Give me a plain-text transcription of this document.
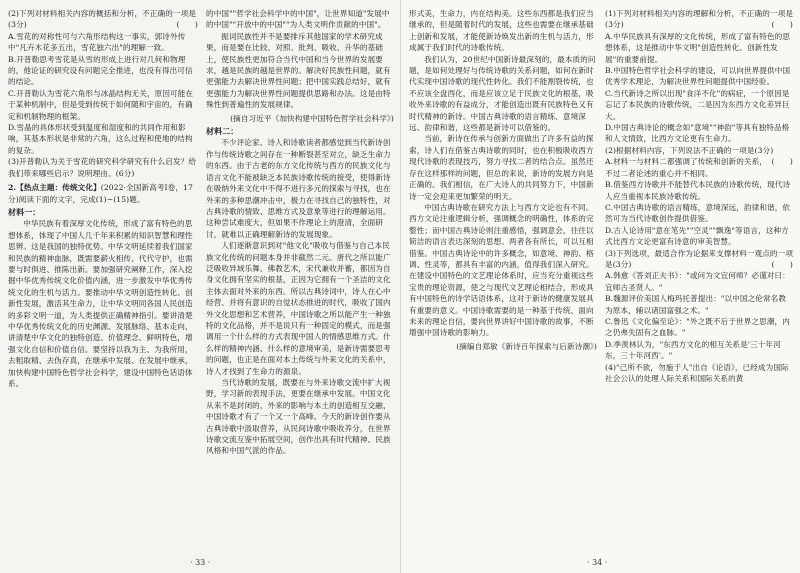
(2)下列对材料相关内容的概括和分析，不正确的一项是(3分)	(　　)

A.雪花的对称性可与六角形结构这一事实，郭诗外传中"凡卉木花多五出，雪花独六出"的理解一致。

B.开普勒思考雪花是从雪的形成上进行对几何和物理的，他论证的研究设有问题完全推进，也没有得出可信的结论。

C.开普勒认为雪花六角形与冰晶结构无关，原因可能在于某种机制中，但是受到传统于如何随和宇宙的，有确定和机制物理的框架。

D.雪晶的具体形状受到温度和湿度和的共同作用和影响，其基本形状是非常的六角，这么过程和使地的结构的复杂。

(3)开普勒认为关于雪花的研究科学研究有什么启发？给我们带来哪些启示？说明理由。(6分)

2.【热点主题：传统文化】(2022·全国新高考Ⅰ卷，17分)阅读下面的文字，完成(1)~(15)题。

材料一：

中华民族有着深厚文化传统，形成了富有特色的思想体系，体现了中国人几千年来积累的知识智慧和理性思辨。这是我国的独特优势。中华文明延续着我们国家和民族的精神血脉，既需要薪火相传、代代守护，也需要与时俱进、推陈出新。要加强研究阐释工作，深入挖掘中华优秀传统文化价值内涵，进一步激发中华优秀传统文化的生机与活力。要推动中华文明创造性转化、创新性发展，激活其生命力，让中华文明同各国人民创造的多彩文明一道，为人类提供正确精神指引。要讲清楚中华优秀传统文化的历史渊源、发展脉络、基本走向，讲清楚中华文化的独特创造、价值理念、鲜明特色，增强文化自信和价值自信。要坚持以我为主、为我所用，去粗取精、去伪存真，在继承中发展、在发展中继承，加快构建中国特色哲学社会科学，建设中国特色话语体系。

的中国""哲学社会科学中的中国"，让世界知道"发展中的中国""开放中的中国""为人类文明作贡献的中国"。

振词民族性并不是要排斥其他国家的学术研究成果，而是要在比较、对照、批判、吸收、升华的基础上，使民族性更加符合当代中国和当今世界的发展要求，越是民族的越是世界的。解决好民族性问题，就有更强能力去解决世界性问题；把中国实践总结好，就有更强能力为解决世界性问题提供思路和办法。这是由特殊性到普遍性的发展规律。

(摘自习近平《加快构建中国特色哲学社会科学》)

材料二：

不少评论家、诗人和诗歌读者都感觉到当代新诗创作与传统诗歌之间存在一种断裂甚至对立，缺乏生命力的东西。由于古老的东方文化传统与西方的民族文化与语言文化不能被缺乏本民族诗歌传统的接受，使得新诗在吸纳外来文化中不得不进行多元的探索与寻找，也在外来的多种思潮冲击中，极力在寻找自己的独特性，对古典诗歌的情致、思维方式及意象等进行的理解运用。这种尝试难度大，但如果不作理论上的澄清，全面研讨，就难以正确理解新诗的发展现象。

人们逐渐意识到对"他文化"吸收与借鉴与自己本民族文化传统的问题本身并非截然二元。唐代之所以能广泛吸收异域乐舞、佛教艺术，宋代兼收并蓄，都因为自身文化拥有坚实的根基，正因为它拥有一个圣洁的文化主体去面对外来的东西。所以古典诗词中，诗人在心中经营、并将有意识的自觉状态推进的时代，吸收了国内外文化思想和艺术营养，中国诗歌之所以能产生一种独特的文化品格，并不是说只有一种固定的模式，而是强调用一个什么样的方式表现中国人的情感思维方式。什么样的精神内涵、什么样的意境审美，是新诗需要思考的问题，也正是在面对本土传统与外来文化的关系中，诗人才找到了生命力的源泉。

当代诗歌的发展，既要在与外来诗歌交流中扩大视野，学习新的表现手法，更要在继承中发展。中国文化从来不是封闭的，外来的影响与本土的创造相互交融，中国诗歌才有了一个又一个高峰。今天的新诗创作要从古典诗歌中汲取营养，从民间诗歌中吸收养分，在世界诗歌交流互鉴中拓展空间，创作出具有时代精神、民族风格和中国气派的作品。

· 33 ·

形式美，生命力，内在结构美。这些东西都是我们应当继承的，但是随着时代的发展，这些也需要在继承基础上创新和发展，才能使新诗焕发出新的生机与活力，形成属于我们时代的诗歌传统。

我们认为，20世纪中国新诗最深刻的，最本质的问题，是如何处理好与传统诗歌的关系问题，如何在新时代实现中国诗歌的现代性转化。我们不能割裂传统，也不应该全盘西化，而是应该立足于民族文化的根基，吸收外来诗歌的有益成分，才能创造出既有民族特色又有时代精神的新诗。中国古典诗歌的语言精练、意境深远、韵律和谐，这些都是新诗可以借鉴的。

当前，新诗在传承与创新方面做出了许多有益的探索，诗人们在借鉴古典诗歌的同时，也在积极吸收西方现代诗歌的表现技巧，努力寻找二者的结合点。虽然还存在这样那样的问题，但总的来说，新诗的发展方向是正确的。我们相信，在广大诗人的共同努力下，中国新诗一定会迎来更加繁荣的明天。

中国古典诗歌在研究方法上与西方文论也有不同。西方文论注重逻辑分析，强调概念的明确性，体系的完整性；而中国古典诗论则注重感悟，强调意会，往往以简洁的语言表达深刻的思想。两者各有所长，可以互相借鉴。中国古典诗论中的许多概念，如意境、神韵、格调、性灵等，都具有丰富的内涵，值得我们深入研究。在建设中国特色的文艺理论体系时，应当充分重视这些宝贵的理论资源，使之与现代文艺理论相结合，形成具有中国特色的诗学话语体系，这对于新诗的健康发展具有重要的意义。中国诗歌需要的是一种基于传统、面向未来的理论自信，要向世界讲好中国诗歌的故事，不断增强中国诗歌的影响力。

(摘编自郑敏《新诗百年探索与后新诗潮》)

(1)下列对材料相关内容的理解和分析，不正确的一项是(3分)	(　　)

A.中华民族具有深厚的文化传统，形成了富有特色的思想体系，这是推动中华文明"创造性转化、创新性发展"的重要前提。

B.中国特色哲学社会科学的建设，可以向世界提供中国优秀学术理论，为解决世界性问题提供中国经验。

C.当代新诗之所以出现"食洋不化"的病症，一个原因是忘记了本民族的诗歌传统，二是因为东西方文化差异巨大。

D.中国古典诗论的概念如"意境""神韵"等具有独特品格和人文情致，比西方文论更有生命力。

(2)根据材料内容，下列说法不正确的一项是(3分)
(　　)

A.材料一与材料二都强调了传统和创新的关系，不过二者论述的重心并不相同。

B.借鉴西方诗歌并不能替代本民族的诗歌传统，现代诗人应当重视本民族诗歌传统。

C.中国古典诗歌的语言精练，意境深远，韵律和谐，依然可为当代诗歌创作提供借鉴。

D.古人论诗用"意在笔先""空灵""飘逸"等语言，这种方式比西方文论更富有诗意的审美智慧。

(3)下列选项，最适合作为论据来支撑材料一观点的一项是(3分)	(　　)

A.韩愈《答刘正夫书》："或问为文宜何师？必谨对曰：宜师古圣贤人。"

B.魏源评价美国人梅玛托普提出："以中国之伦常名教为原本，辅以诸国富强之术。"

C.鲁迅《文化偏至论》："外之既不后于世界之思潮，内之仍弗失固有之血脉。"

D.季羡林认为，"东西方文化的相互关系是'三十年河东，三十年河西'。"

(4)"己所不欲，勿施于人"出自《论语》，已经成为国际社会公认的处理人际关系和国际关系的黄

· 34 ·
